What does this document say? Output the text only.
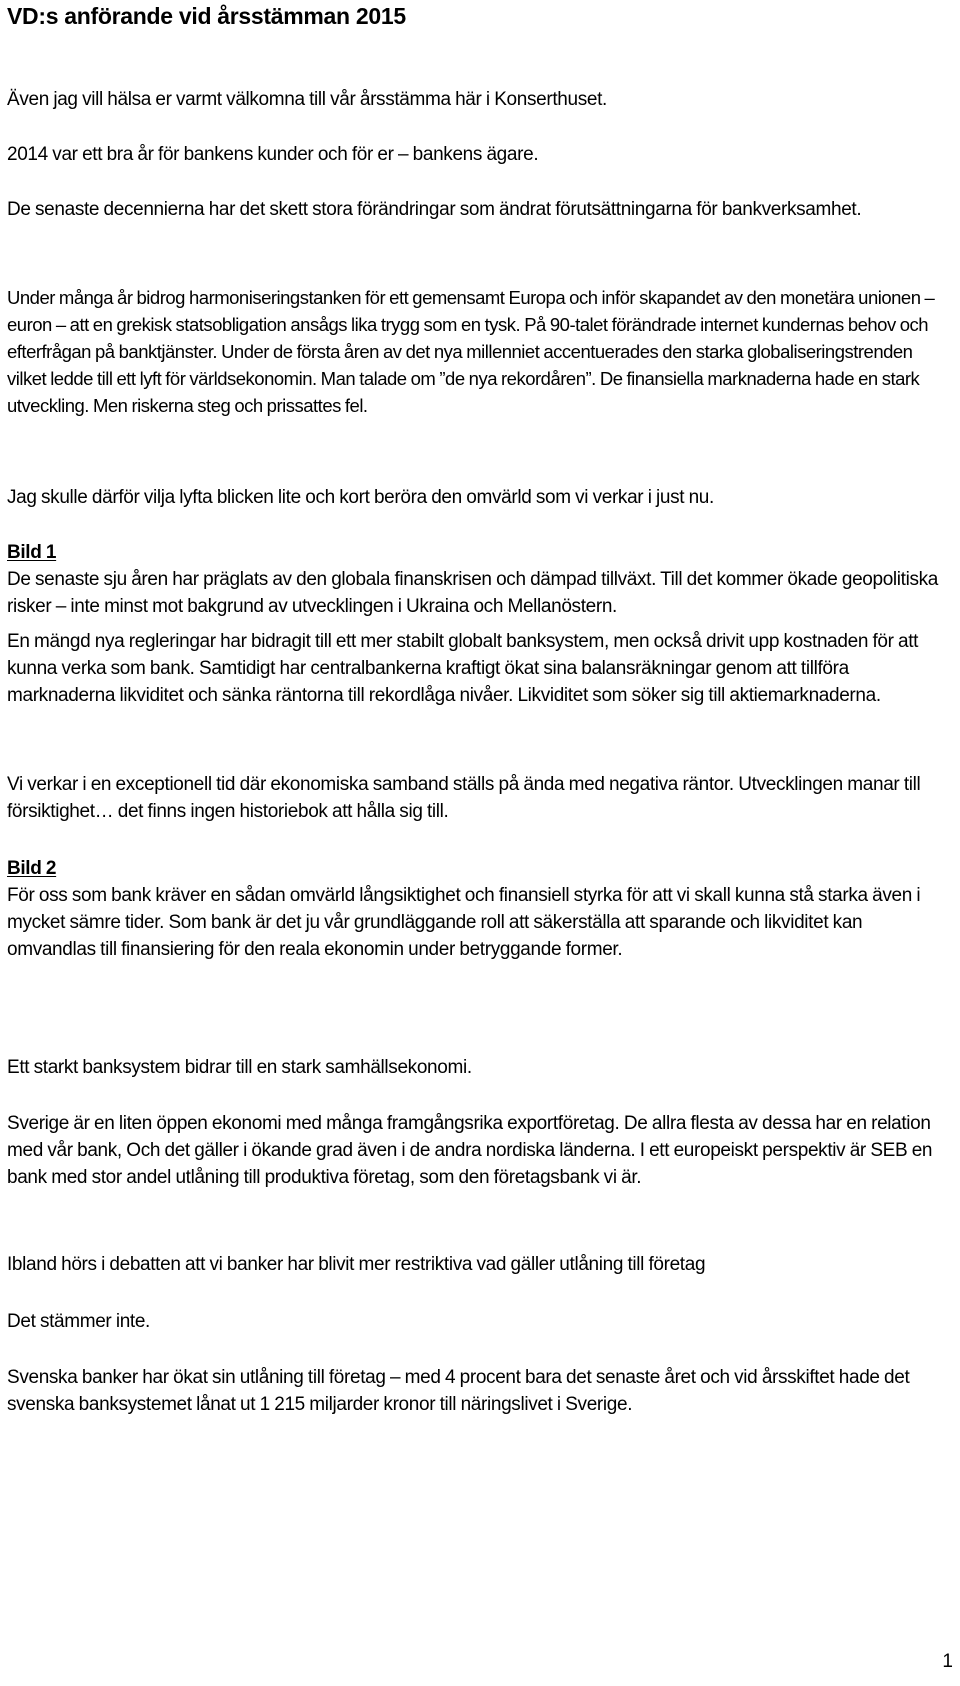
VD:s anförande vid årsstämman 2015

Även jag vill hälsa er varmt välkomna till vår årsstämma här i Konserthuset.

2014 var ett bra år för bankens kunder och för er – bankens ägare.

De senaste decennierna har det skett stora förändringar som ändrat förutsättningarna för bankverksamhet.

Under många år bidrog harmoniseringstanken för ett gemensamt Europa och inför skapandet av den monetära unionen – euron – att en grekisk statsobligation ansågs lika trygg som en tysk. På 90-talet förändrade internet kundernas behov och efterfrågan på banktjänster. Under de första åren av det nya millenniet accentuerades den starka globaliseringstrenden vilket ledde till ett lyft för världsekonomin. Man talade om ”de nya rekordåren”. De finansiella marknaderna hade en stark utveckling. Men riskerna steg och prissattes fel.

Jag skulle därför vilja lyfta blicken lite och kort beröra den omvärld som vi verkar i just nu.

Bild 1
De senaste sju åren har präglats av den globala finanskrisen och dämpad tillväxt. Till det kommer ökade geopolitiska risker – inte minst mot bakgrund av utvecklingen i Ukraina och Mellanöstern.

En mängd nya regleringar har bidragit till ett mer stabilt globalt banksystem, men också drivit upp kostnaden för att kunna verka som bank. Samtidigt har centralbankerna kraftigt ökat sina balansräkningar genom att tillföra marknaderna likviditet och sänka räntorna till rekordlåga nivåer. Likviditet som söker sig till aktiemarknaderna.

Vi verkar i en exceptionell tid där ekonomiska samband ställs på ända med negativa räntor. Utvecklingen manar till försiktighet… det finns ingen historiebok att hålla sig till.

Bild 2
För oss som bank kräver en sådan omvärld långsiktighet och finansiell styrka för att vi skall kunna stå starka även i mycket sämre tider. Som bank är det ju vår grundläggande roll att säkerställa att sparande och likviditet kan omvandlas till finansiering för den reala ekonomin under betryggande former.

Ett starkt banksystem bidrar till en stark samhällsekonomi.

Sverige är en liten öppen ekonomi med många framgångsrika exportföretag. De allra flesta av dessa har en relation med vår bank, Och det gäller i ökande grad även i de andra nordiska länderna. I ett europeiskt perspektiv är SEB en bank med stor andel utlåning till produktiva företag, som den företagsbank vi är.

Ibland hörs i debatten att vi banker har blivit mer restriktiva vad gäller utlåning till företag

Det stämmer inte.

Svenska banker har ökat sin utlåning till företag – med 4 procent bara det senaste året och vid årsskiftet hade det svenska banksystemet lånat ut 1 215 miljarder kronor till näringslivet i Sverige.

1
